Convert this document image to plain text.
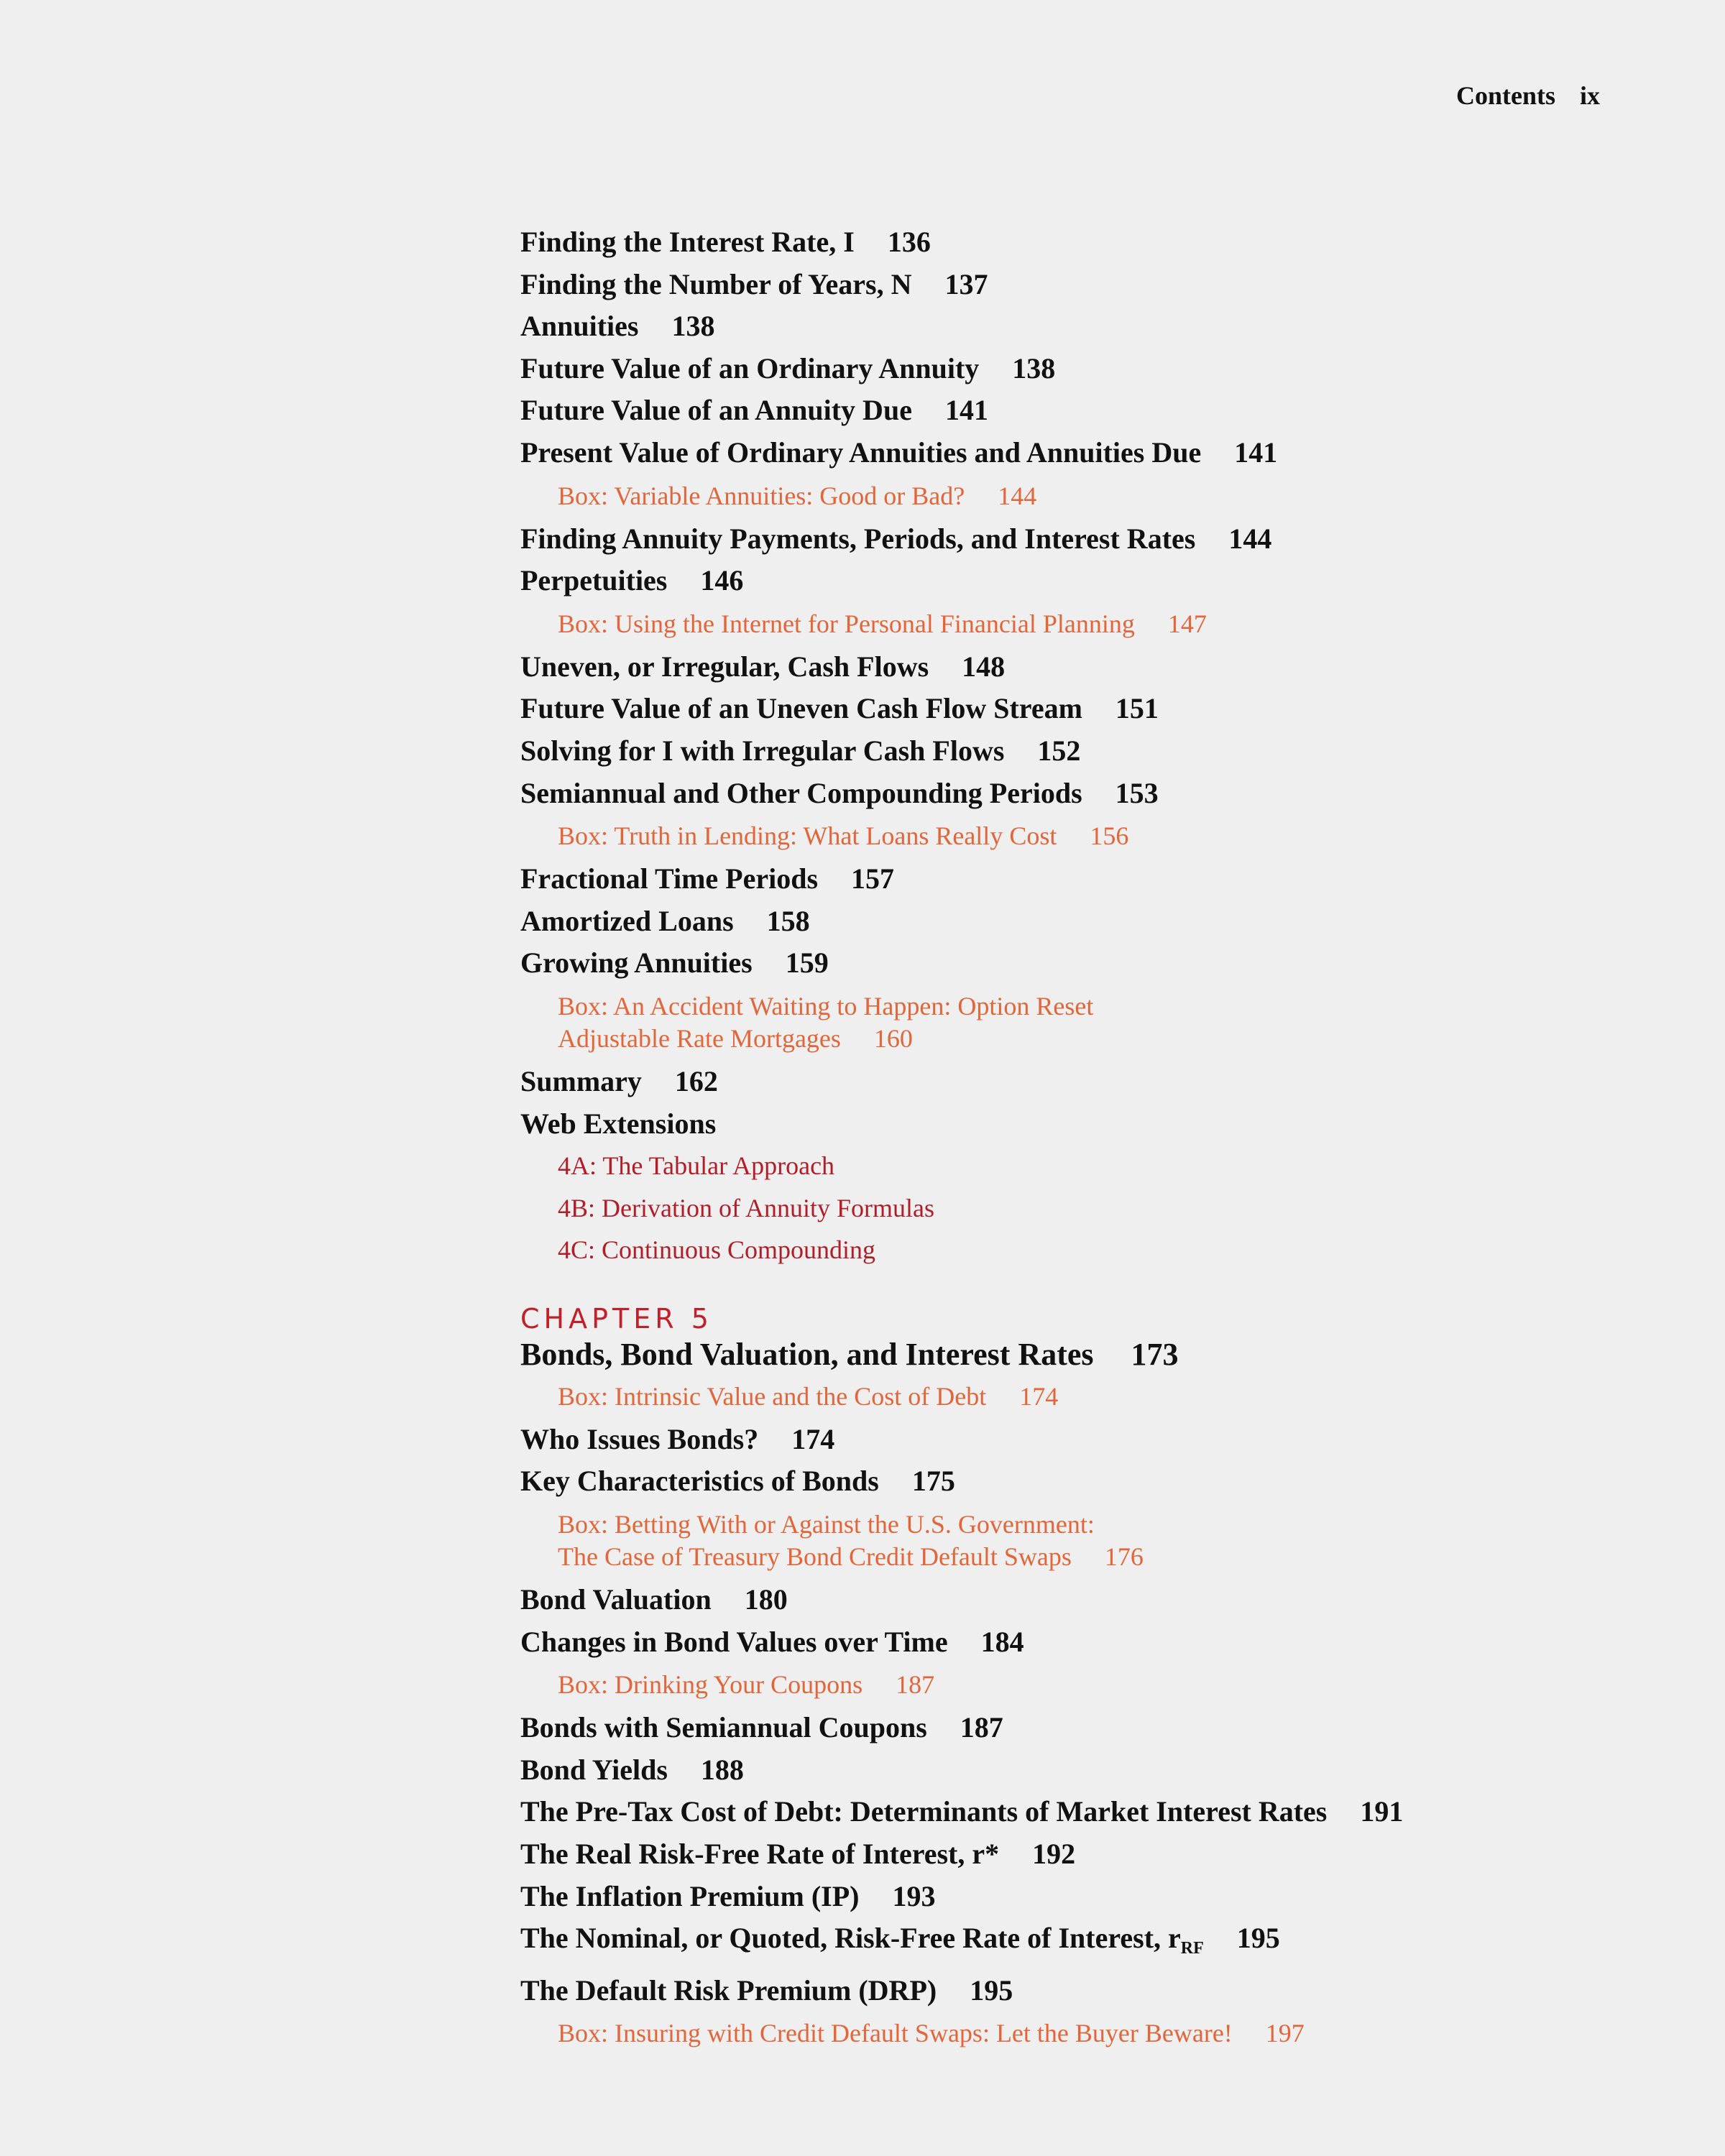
Contents ix
Finding the Interest Rate, I 136
Finding the Number of Years, N 137
Annuities 138
Future Value of an Ordinary Annuity 138
Future Value of an Annuity Due 141
Present Value of Ordinary Annuities and Annuities Due 141
Box: Variable Annuities: Good or Bad? 144
Finding Annuity Payments, Periods, and Interest Rates 144
Perpetuities 146
Box: Using the Internet for Personal Financial Planning 147
Uneven, or Irregular, Cash Flows 148
Future Value of an Uneven Cash Flow Stream 151
Solving for I with Irregular Cash Flows 152
Semiannual and Other Compounding Periods 153
Box: Truth in Lending: What Loans Really Cost 156
Fractional Time Periods 157
Amortized Loans 158
Growing Annuities 159
Box: An Accident Waiting to Happen: Option Reset
Adjustable Rate Mortgages 160
Summary 162
Web Extensions
4A: The Tabular Approach
4B: Derivation of Annuity Formulas
4C: Continuous Compounding
CHAPTER 5
Bonds, Bond Valuation, and Interest Rates 173
Box: Intrinsic Value and the Cost of Debt 174
Who Issues Bonds? 174
Key Characteristics of Bonds 175
Box: Betting With or Against the U.S. Government:
The Case of Treasury Bond Credit Default Swaps 176
Bond Valuation 180
Changes in Bond Values over Time 184
Box: Drinking Your Coupons 187
Bonds with Semiannual Coupons 187
Bond Yields 188
The Pre-Tax Cost of Debt: Determinants of Market Interest Rates 191
The Real Risk-Free Rate of Interest, r* 192
The Inflation Premium (IP) 193
The Nominal, or Quoted, Risk-Free Rate of Interest, $r_{RF}$ 195
The Default Risk Premium (DRP) 195
Box: Insuring with Credit Default Swaps: Let the Buyer Beware! 197
